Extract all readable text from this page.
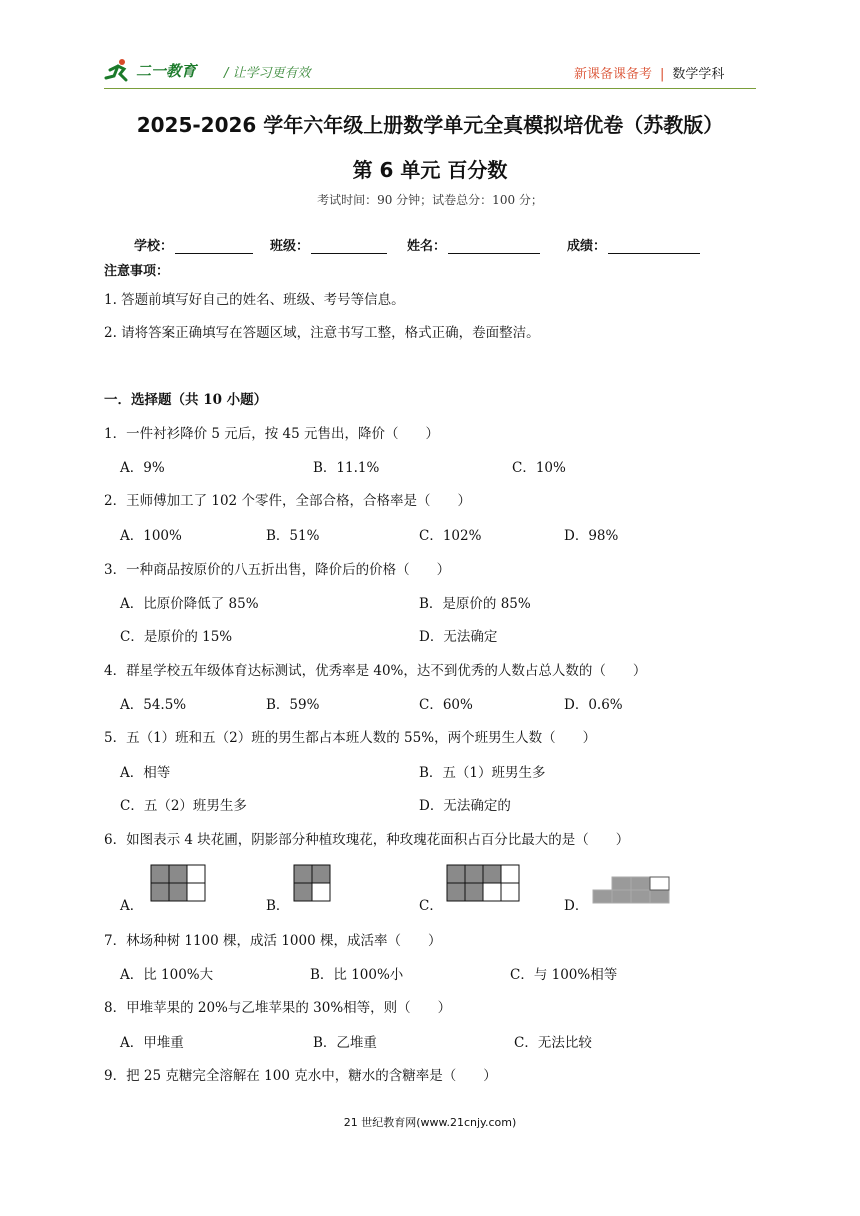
二一教育 / 让学习更有效	新课备课备考 | 数学学科
2025-2026 学年六年级上册数学单元全真模拟培优卷（苏教版）
第 6 单元 百分数
考试时间：90 分钟；试卷总分：100 分；
学校：	班级：	姓名：	成绩：
注意事项：
1. 答题前填写好自己的姓名、班级、考号等信息。
2. 请将答案正确填写在答题区域，注意书写工整，格式正确，卷面整洁。
一．选择题（共 10 小题）
1．一件衬衫降价 5 元后，按 45 元售出，降价（　　）
A．9%	B．11.1%	C．10%
2．王师傅加工了 102 个零件，全部合格，合格率是（　　）
A．100%	B．51%	C．102%	D．98%
3．一种商品按原价的八五折出售，降价后的价格（　　）
A．比原价降低了 85%	B．是原价的 85%
C．是原价的 15%	D．无法确定
4．群星学校五年级体育达标测试，优秀率是 40%，达不到优秀的人数占总人数的（　　）
A．54.5%	B．59%	C．60%	D．0.6%
5．五（1）班和五（2）班的男生都占本班人数的 55%，两个班男生人数（　　）
A．相等	B．五（1）班男生多
C．五（2）班男生多	D．无法确定的
6．如图表示 4 块花圃，阴影部分种植玫瑰花，种玫瑰花面积占百分比最大的是（　　）
A．	B．	C．	D．
7．林场种树 1100 棵，成活 1000 棵，成活率（　　）
A．比 100%大	B．比 100%小	C．与 100%相等
8．甲堆苹果的 20%与乙堆苹果的 30%相等，则（　　）
A．甲堆重	B．乙堆重	C．无法比较
9．把 25 克糖完全溶解在 100 克水中，糖水的含糖率是（　　）
21 世纪教育网(www.21cnjy.com)
